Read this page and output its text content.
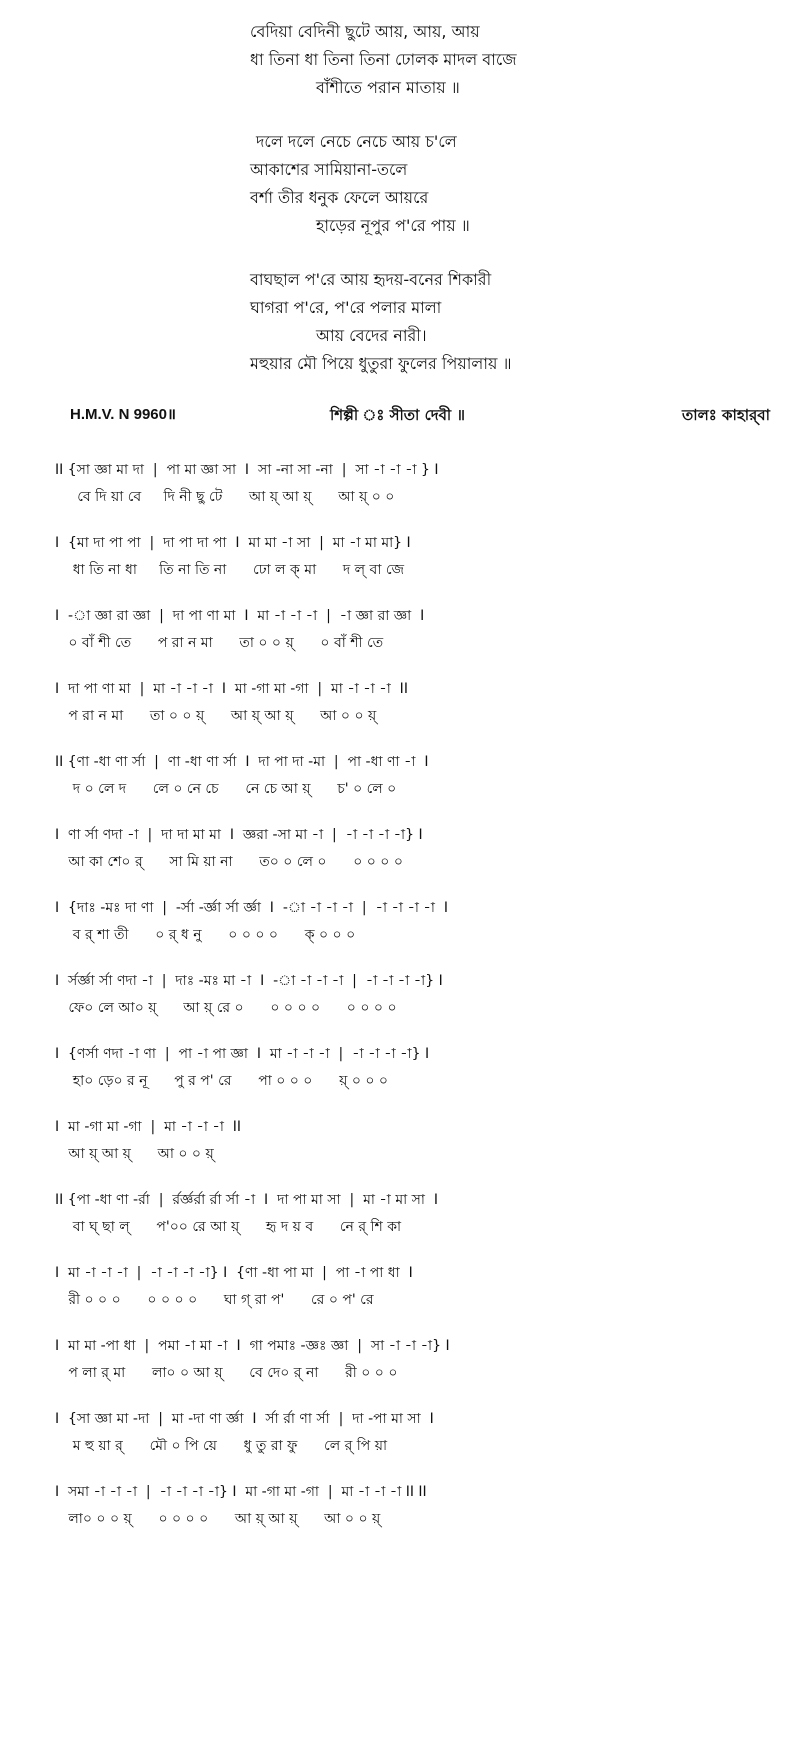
বেদিয়া বেদিনী ছুটে আয়, আয়, আয়
ধা তিনা ধা তিনা তিনা ঢোলক মাদল বাজে
বাঁশীতে পরান মাতায় ॥
দলে দলে নেচে নেচে আয় চ'লে
আকাশের সামিয়ানা-তলে
বর্শা তীর ধনুক ফেলে আয়রে
হাড়ের নূপুর প'রে পায় ॥
বাঘছাল প'রে আয় হৃদয়-বনের শিকারী
ঘাগরা প'রে, প'রে পলার মালা
আয় বেদের নারী।
মহুয়ার মৌ পিয়ে ধুতুরা ফুলের পিয়ালায় ॥
H.M.V. N 9960॥	শিল্পী ঃ সীতা দেবী ॥	তালঃ কাহার্‌বা
II {সা জ্ঞা মা দা  |  পা মা জ্ঞা সা  I  সা -না সা -না  |  সা -া -া -া } I
বে দি য়া বে     দি নী ছু টে      আ য়্‌ আ য়্‌      আ য়্‌ ০ ০
I  {মা দা পা পা  |  দা পা দা পা  I  মা মা -া সা  |  মা -া মা মা} I
ধা তি না ধা     তি না তি না      ঢো ল ক্‌ মা      দ ল্‌ বা জে
I  -া জ্ঞা রা জ্ঞা  |  দা পা ণা মা  I  মা -া -া -া  |  -া জ্ঞা রা জ্ঞা  I
০ বাঁ শী তে      প রা ন মা      তা ০ ০ য়্‌      ০ বাঁ শী তে
I  দা পা ণা মা  |  মা -া -া -া  I  মা -গা মা -গা  |  মা -া -া -া  II
প রা ন মা      তা ০ ০ য়্‌      আ য়্‌ আ য়্‌      আ ০ ০ য়্‌
II {ণা -ধা ণা র্সা  |  ণা -ধা ণা র্সা  I  দা পা দা -মা  |  পা -ধা ণা -া  I
দ ০ লে দ      লে ০ নে চে      নে চে আ য়্‌      চ' ০ লে ০
I  ণা র্সা ণদা -া  |  দা দা মা মা  I  জ্ঞরা -সা মা -া  |  -া -া -া -া} I
আ কা শে০ র্‌      সা মি য়া না      ত০ ০ লে ০      ০ ০ ০ ০
I  {দাঃ -মঃ দা ণা  |  -র্সা -র্জ্ঞা র্সা র্জ্ঞা  I  -া -া -া -া  |  -া -া -া -া  I
ব র্‌ শা তী      ০ র্‌ ধ নু      ০ ০ ০ ০      ক্‌ ০ ০ ০
I  র্সর্জ্ঞা র্সা ণদা -া  |  দাঃ -মঃ মা -া  I  -া -া -া -া  |  -া -া -া -া} I
ফে০ লে আ০ য়্‌      আ য়্‌ রে ০      ০ ০ ০ ০      ০ ০ ০ ০
I  {ণর্সা ণদা -া ণা  |  পা -া পা জ্ঞা  I  মা -া -া -া  |  -া -া -া -া} I
হা০ ড়ে০ র নূ      পু র প' রে      পা ০ ০ ০      য়্‌ ০ ০ ০
I  মা -গা মা -গা  |  মা -া -া -া  II
আ য়্‌ আ য়্‌      আ ০ ০ য়্‌
II {পা -ধা ণা -র্রা  |  র্রর্জ্ঞর্রা র্রা র্সা -া  I  দা পা মা সা  |  মা -া মা সা  I
বা ঘ্‌ ছা ল্‌      প'০০ রে আ য়্‌      হৃ দ য় ব      নে র্‌ শি কা
I  মা -া -া -া  |  -া -া -া -া} I  {ণা -ধা পা মা  |  পা -া পা ধা  I
রী ০ ০ ০      ০ ০ ০ ০      ঘা গ্‌ রা প'      রে ০ প' রে
I  মা মা -পা ধা  |  পমা -া মা -া  I  গা পমাঃ -জ্ঞঃ জ্ঞা  |  সা -া -া -া} I
প লা র্‌ মা      লা০ ০ আ য়্‌      বে দে০ র্‌ না      রী ০ ০ ০
I  {সা জ্ঞা মা -দা  |  মা -দা ণা র্জ্ঞা  I  র্সা র্রা ণা র্সা  |  দা -পা মা সা  I
ম হু য়া র্‌      মৌ ০ পি য়ে      ধু তু রা ফু      লে র্‌ পি য়া
I  সমা -া -া -া  |  -া -া -া -া} I  মা -গা মা -গা  |  মা -া -া -া II II
লা০ ০ ০ য়্‌      ০ ০ ০ ০      আ য়্‌ আ য়্‌      আ ০ ০ য়্‌
